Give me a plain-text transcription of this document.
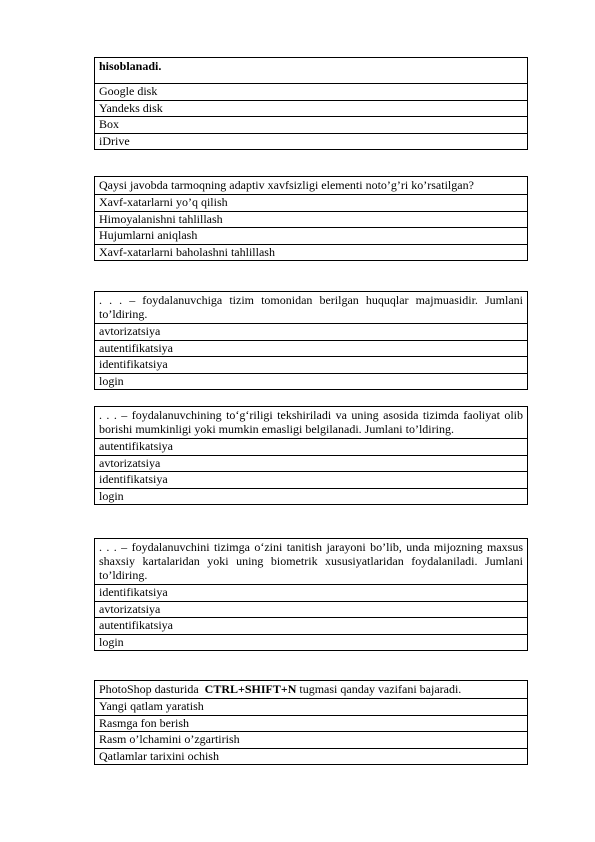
hisoblanadi.
Google disk
Yandeks disk
Box
iDrive
Qaysi javobda tarmoqning adaptiv xavfsizligi elementi noto’g’ri ko’rsatilgan?
Xavf-xatarlarni yo’q qilish
Himoyalanishni tahlillash
Hujumlarni aniqlash
Xavf-xatarlarni baholashni tahlillash
. . . – foydalanuvchiga tizim tomonidan berilgan huquqlar majmuasidir. Jumlani to’ldiring.
avtorizatsiya
autentifikatsiya
identifikatsiya
login
. . . – foydalanuvchining to‘g‘riligi tekshiriladi va uning asosida tizimda faoliyat olib borishi mumkinligi yoki mumkin emasligi belgilanadi. Jumlani to’ldiring.
autentifikatsiya
avtorizatsiya
identifikatsiya
login
. . . – foydalanuvchini tizimga o‘zini tanitish jarayoni bo’lib, unda mijozning maxsus shaxsiy kartalaridan yoki uning biometrik xususiyatlaridan foydalaniladi. Jumlani to’ldiring.
identifikatsiya
avtorizatsiya
autentifikatsiya
login
PhotoShop dasturida  CTRL+SHIFT+N tugmasi qanday vazifani bajaradi.
Yangi qatlam yaratish
Rasmga fon berish
Rasm o’lchamini o’zgartirish
Qatlamlar tarixini ochish
